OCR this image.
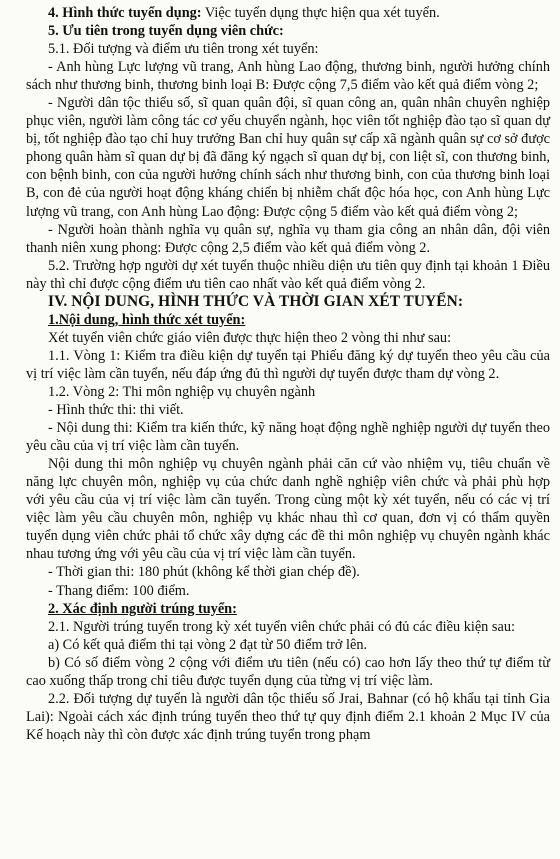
4. Hình thức tuyển dụng: Việc tuyển dụng thực hiện qua xét tuyển.

5. Ưu tiên trong tuyển dụng viên chức:

5.1. Đối tượng và điểm ưu tiên trong xét tuyển:

- Anh hùng Lực lượng vũ trang, Anh hùng Lao động, thương binh, người hưởng chính sách như thương binh, thương binh loại B: Được cộng 7,5 điểm vào kết quả điểm vòng 2;

- Người dân tộc thiểu số, sĩ quan quân đội, sĩ quan công an, quân nhân chuyên nghiệp phục viên, người làm công tác cơ yếu chuyển ngành, học viên tốt nghiệp đào tạo sĩ quan dự bị, tốt nghiệp đào tạo chỉ huy trưởng Ban chỉ huy quân sự cấp xã ngành quân sự cơ sở được phong quân hàm sĩ quan dự bị đã đăng ký ngạch sĩ quan dự bị, con liệt sĩ, con thương binh, con bệnh binh, con của người hưởng chính sách như thương binh, con của thương binh loại B, con đẻ của người hoạt động kháng chiến bị nhiễm chất độc hóa học, con Anh hùng Lực lượng vũ trang, con Anh hùng Lao động: Được cộng 5 điểm vào kết quả điểm vòng 2;

- Người hoàn thành nghĩa vụ quân sự, nghĩa vụ tham gia công an nhân dân, đội viên thanh niên xung phong: Được cộng 2,5 điểm vào kết quả điểm vòng 2.

5.2. Trường hợp người dự xét tuyển thuộc nhiều diện ưu tiên quy định tại khoản 1 Điều này thì chỉ được cộng điểm ưu tiên cao nhất vào kết quả điểm vòng 2.

IV. NỘI DUNG, HÌNH THỨC VÀ THỜI GIAN XÉT TUYỂN:

1.Nội dung, hình thức xét tuyển:

Xét tuyển viên chức giáo viên được thực hiện theo 2 vòng thi như sau:

1.1. Vòng 1: Kiểm tra điều kiện dự tuyển tại Phiếu đăng ký dự tuyển theo yêu cầu của vị trí việc làm cần tuyển, nếu đáp ứng đủ thì người dự tuyển được tham dự vòng 2.

1.2. Vòng 2: Thi môn nghiệp vụ chuyên ngành

- Hình thức thi: thi viết.

- Nội dung thi: Kiểm tra kiến thức, kỹ năng hoạt động nghề nghiệp người dự tuyển theo yêu cầu của vị trí việc làm cần tuyển.

Nội dung thi môn nghiệp vụ chuyên ngành phải căn cứ vào nhiệm vụ, tiêu chuẩn về năng lực chuyên môn, nghiệp vụ của chức danh nghề nghiệp viên chức và phải phù hợp với yêu cầu của vị trí việc làm cần tuyển. Trong cùng một kỳ xét tuyển, nếu có các vị trí việc làm yêu cầu chuyên môn, nghiệp vụ khác nhau thì cơ quan, đơn vị có thẩm quyền tuyển dụng viên chức phải tổ chức xây dựng các đề thi môn nghiệp vụ chuyên ngành khác nhau tương ứng với yêu cầu của vị trí việc làm cần tuyển.

- Thời gian thi: 180 phút (không kể thời gian chép đề).

- Thang điểm: 100 điểm.

2. Xác định người trúng tuyển:

2.1. Người trúng tuyển trong kỳ xét tuyển viên chức phải có đủ các điều kiện sau:

a) Có kết quả điểm thi tại vòng 2 đạt từ 50 điểm trở lên.

b) Có số điểm vòng 2 cộng với điểm ưu tiên (nếu có) cao hơn lấy theo thứ tự điểm từ cao xuống thấp trong chỉ tiêu được tuyển dụng của từng vị trí việc làm.

2.2. Đối tượng dự tuyển là người dân tộc thiểu số Jrai, Bahnar (có hộ khẩu tại tỉnh Gia Lai): Ngoài cách xác định trúng tuyển theo thứ tự quy định điểm 2.1 khoản 2 Mục IV của Kế hoạch này thì còn được xác định trúng tuyển trong phạm
